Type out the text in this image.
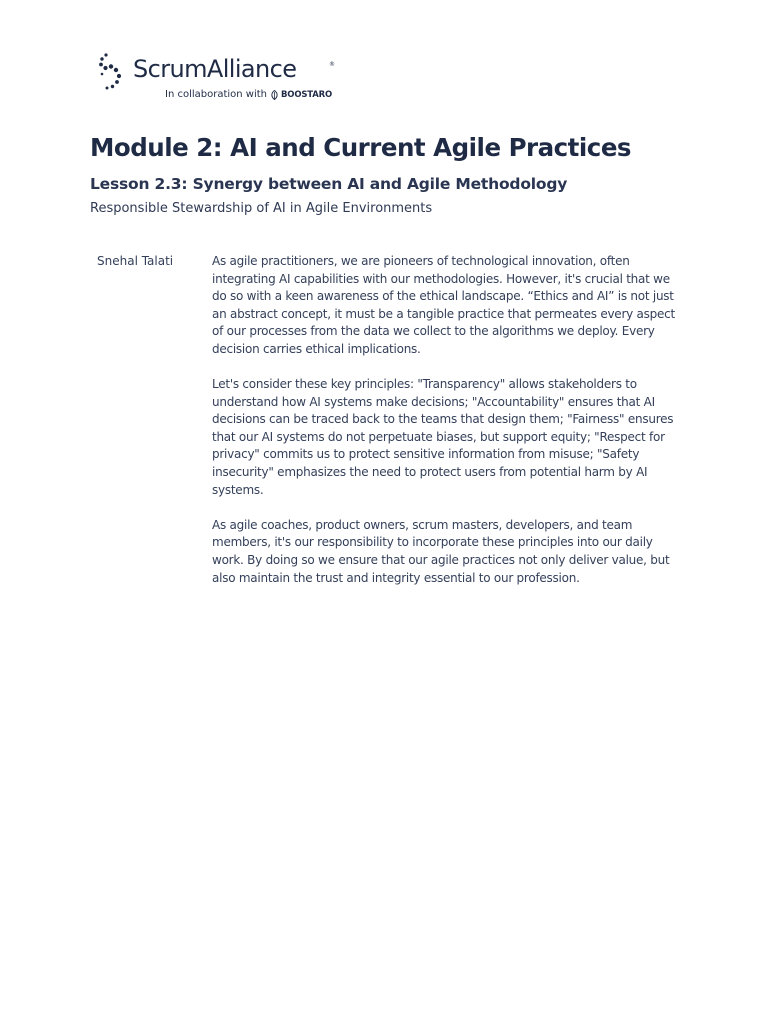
ScrumAlliance	®
In collaboration with BOOSTARO
Module 2: AI and Current Agile Practices
Lesson 2.3: Synergy between AI and Agile Methodology

Responsible Stewardship of AI in Agile Environments

Snehal Talati	As agile practitioners, we are pioneers of technological innovation, often integrating AI capabilities with our methodologies. However, it's crucial that we do so with a keen awareness of the ethical landscape. “Ethics and AI” is not just an abstract concept, it must be a tangible practice that permeates every aspect of our processes from the data we collect to the algorithms we deploy. Every decision carries ethical implications.

Let's consider these key principles: "Transparency" allows stakeholders to understand how AI systems make decisions; "Accountability" ensures that AI decisions can be traced back to the teams that design them; "Fairness" ensures that our AI systems do not perpetuate biases, but support equity; "Respect for privacy" commits us to protect sensitive information from misuse; "Safety insecurity" emphasizes the need to protect users from potential harm by AI systems.

As agile coaches, product owners, scrum masters, developers, and team members, it's our responsibility to incorporate these principles into our daily work. By doing so we ensure that our agile practices not only deliver value, but also maintain the trust and integrity essential to our profession.
